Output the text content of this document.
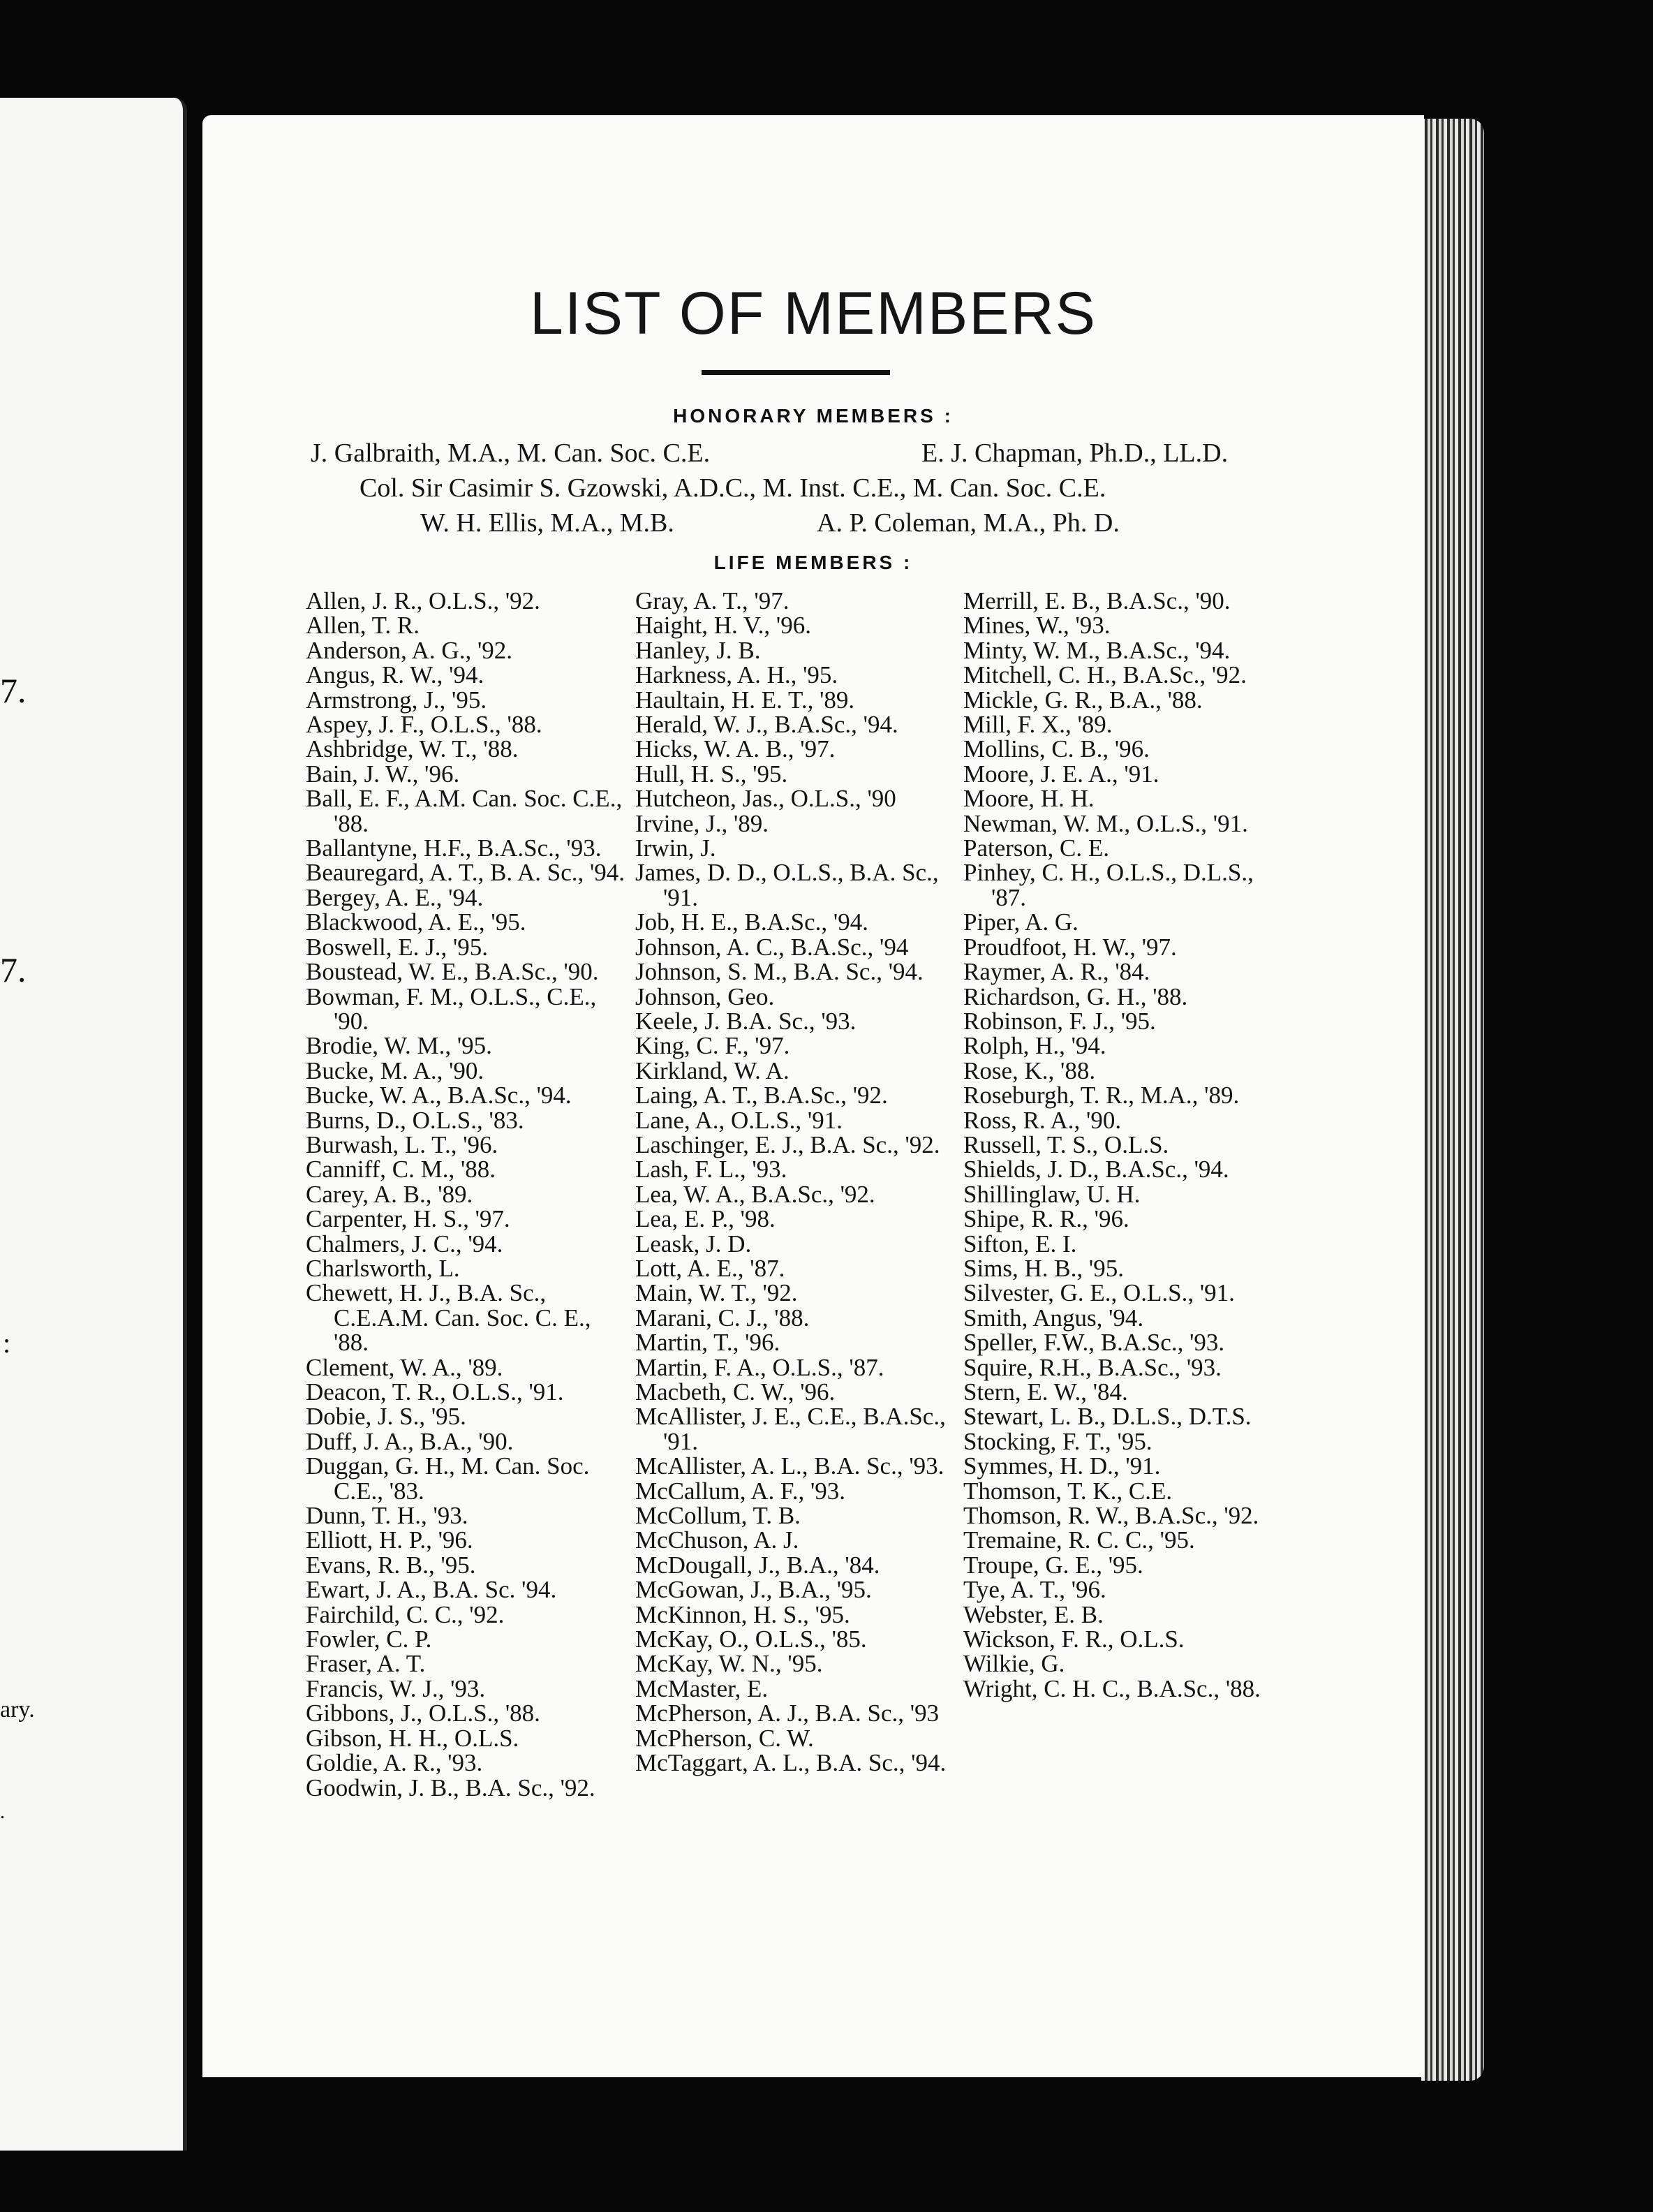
7.
7.
:
ary.
.
LIST OF MEMBERS
HONORARY MEMBERS :
J. Galbraith, M.A., M. Can. Soc. C.E.	E. J. Chapman, Ph.D., LL.D.
Col. Sir Casimir S. Gzowski, A.D.C., M. Inst. C.E., M. Can. Soc. C.E.
W. H. Ellis, M.A., M.B.	A. P. Coleman, M.A., Ph. D.
LIFE MEMBERS :
Allen, J. R., O.L.S., '92.
Allen, T. R.
Anderson, A. G., '92.
Angus, R. W., '94.
Armstrong, J., '95.
Aspey, J. F., O.L.S., '88.
Ashbridge, W. T., '88.
Bain, J. W., '96.
Ball, E. F., A.M. Can. Soc. C.E., '88.
Ballantyne, H.F., B.A.Sc., '93.
Beauregard, A. T., B. A. Sc., '94.
Bergey, A. E., '94.
Blackwood, A. E., '95.
Boswell, E. J., '95.
Boustead, W. E., B.A.Sc., '90.
Bowman, F. M., O.L.S., C.E., '90.
Brodie, W. M., '95.
Bucke, M. A., '90.
Bucke, W. A., B.A.Sc., '94.
Burns, D., O.L.S., '83.
Burwash, L. T., '96.
Canniff, C. M., '88.
Carey, A. B., '89.
Carpenter, H. S., '97.
Chalmers, J. C., '94.
Charlsworth, L.
Chewett, H. J., B.A. Sc., C.E.A.M. Can. Soc. C. E., '88.
Clement, W. A., '89.
Deacon, T. R., O.L.S., '91.
Dobie, J. S., '95.
Duff, J. A., B.A., '90.
Duggan, G. H., M. Can. Soc. C.E., '83.
Dunn, T. H., '93.
Elliott, H. P., '96.
Evans, R. B., '95.
Ewart, J. A., B.A. Sc. '94.
Fairchild, C. C., '92.
Fowler, C. P.
Fraser, A. T.
Francis, W. J., '93.
Gibbons, J., O.L.S., '88.
Gibson, H. H., O.L.S.
Goldie, A. R., '93.
Goodwin, J. B., B.A. Sc., '92.
Gray, A. T., '97.
Haight, H. V., '96.
Hanley, J. B.
Harkness, A. H., '95.
Haultain, H. E. T., '89.
Herald, W. J., B.A.Sc., '94.
Hicks, W. A. B., '97.
Hull, H. S., '95.
Hutcheon, Jas., O.L.S., '90
Irvine, J., '89.
Irwin, J.
James, D. D., O.L.S., B.A. Sc., '91.
Job, H. E., B.A.Sc., '94.
Johnson, A. C., B.A.Sc., '94
Johnson, S. M., B.A. Sc., '94.
Johnson, Geo.
Keele, J. B.A. Sc., '93.
King, C. F., '97.
Kirkland, W. A.
Laing, A. T., B.A.Sc., '92.
Lane, A., O.L.S., '91.
Laschinger, E. J., B.A. Sc., '92.
Lash, F. L., '93.
Lea, W. A., B.A.Sc., '92.
Lea, E. P., '98.
Leask, J. D.
Lott, A. E., '87.
Main, W. T., '92.
Marani, C. J., '88.
Martin, T., '96.
Martin, F. A., O.L.S., '87.
Macbeth, C. W., '96.
McAllister, J. E., C.E., B.A.Sc., '91.
McAllister, A. L., B.A. Sc., '93.
McCallum, A. F., '93.
McCollum, T. B.
McChuson, A. J.
McDougall, J., B.A., '84.
McGowan, J., B.A., '95.
McKinnon, H. S., '95.
McKay, O., O.L.S., '85.
McKay, W. N., '95.
McMaster, E.
McPherson, A. J., B.A. Sc., '93
McPherson, C. W.
McTaggart, A. L., B.A. Sc., '94.
Merrill, E. B., B.A.Sc., '90.
Mines, W., '93.
Minty, W. M., B.A.Sc., '94.
Mitchell, C. H., B.A.Sc., '92.
Mickle, G. R., B.A., '88.
Mill, F. X., '89.
Mollins, C. B., '96.
Moore, J. E. A., '91.
Moore, H. H.
Newman, W. M., O.L.S., '91.
Paterson, C. E.
Pinhey, C. H., O.L.S., D.L.S., '87.
Piper, A. G.
Proudfoot, H. W., '97.
Raymer, A. R., '84.
Richardson, G. H., '88.
Robinson, F. J., '95.
Rolph, H., '94.
Rose, K., '88.
Roseburgh, T. R., M.A., '89.
Ross, R. A., '90.
Russell, T. S., O.L.S.
Shields, J. D., B.A.Sc., '94.
Shillinglaw, U. H.
Shipe, R. R., '96.
Sifton, E. I.
Sims, H. B., '95.
Silvester, G. E., O.L.S., '91.
Smith, Angus, '94.
Speller, F.W., B.A.Sc., '93.
Squire, R.H., B.A.Sc., '93.
Stern, E. W., '84.
Stewart, L. B., D.L.S., D.T.S.
Stocking, F. T., '95.
Symmes, H. D., '91.
Thomson, T. K., C.E.
Thomson, R. W., B.A.Sc., '92.
Tremaine, R. C. C., '95.
Troupe, G. E., '95.
Tye, A. T., '96.
Webster, E. B.
Wickson, F. R., O.L.S.
Wilkie, G.
Wright, C. H. C., B.A.Sc., '88.
